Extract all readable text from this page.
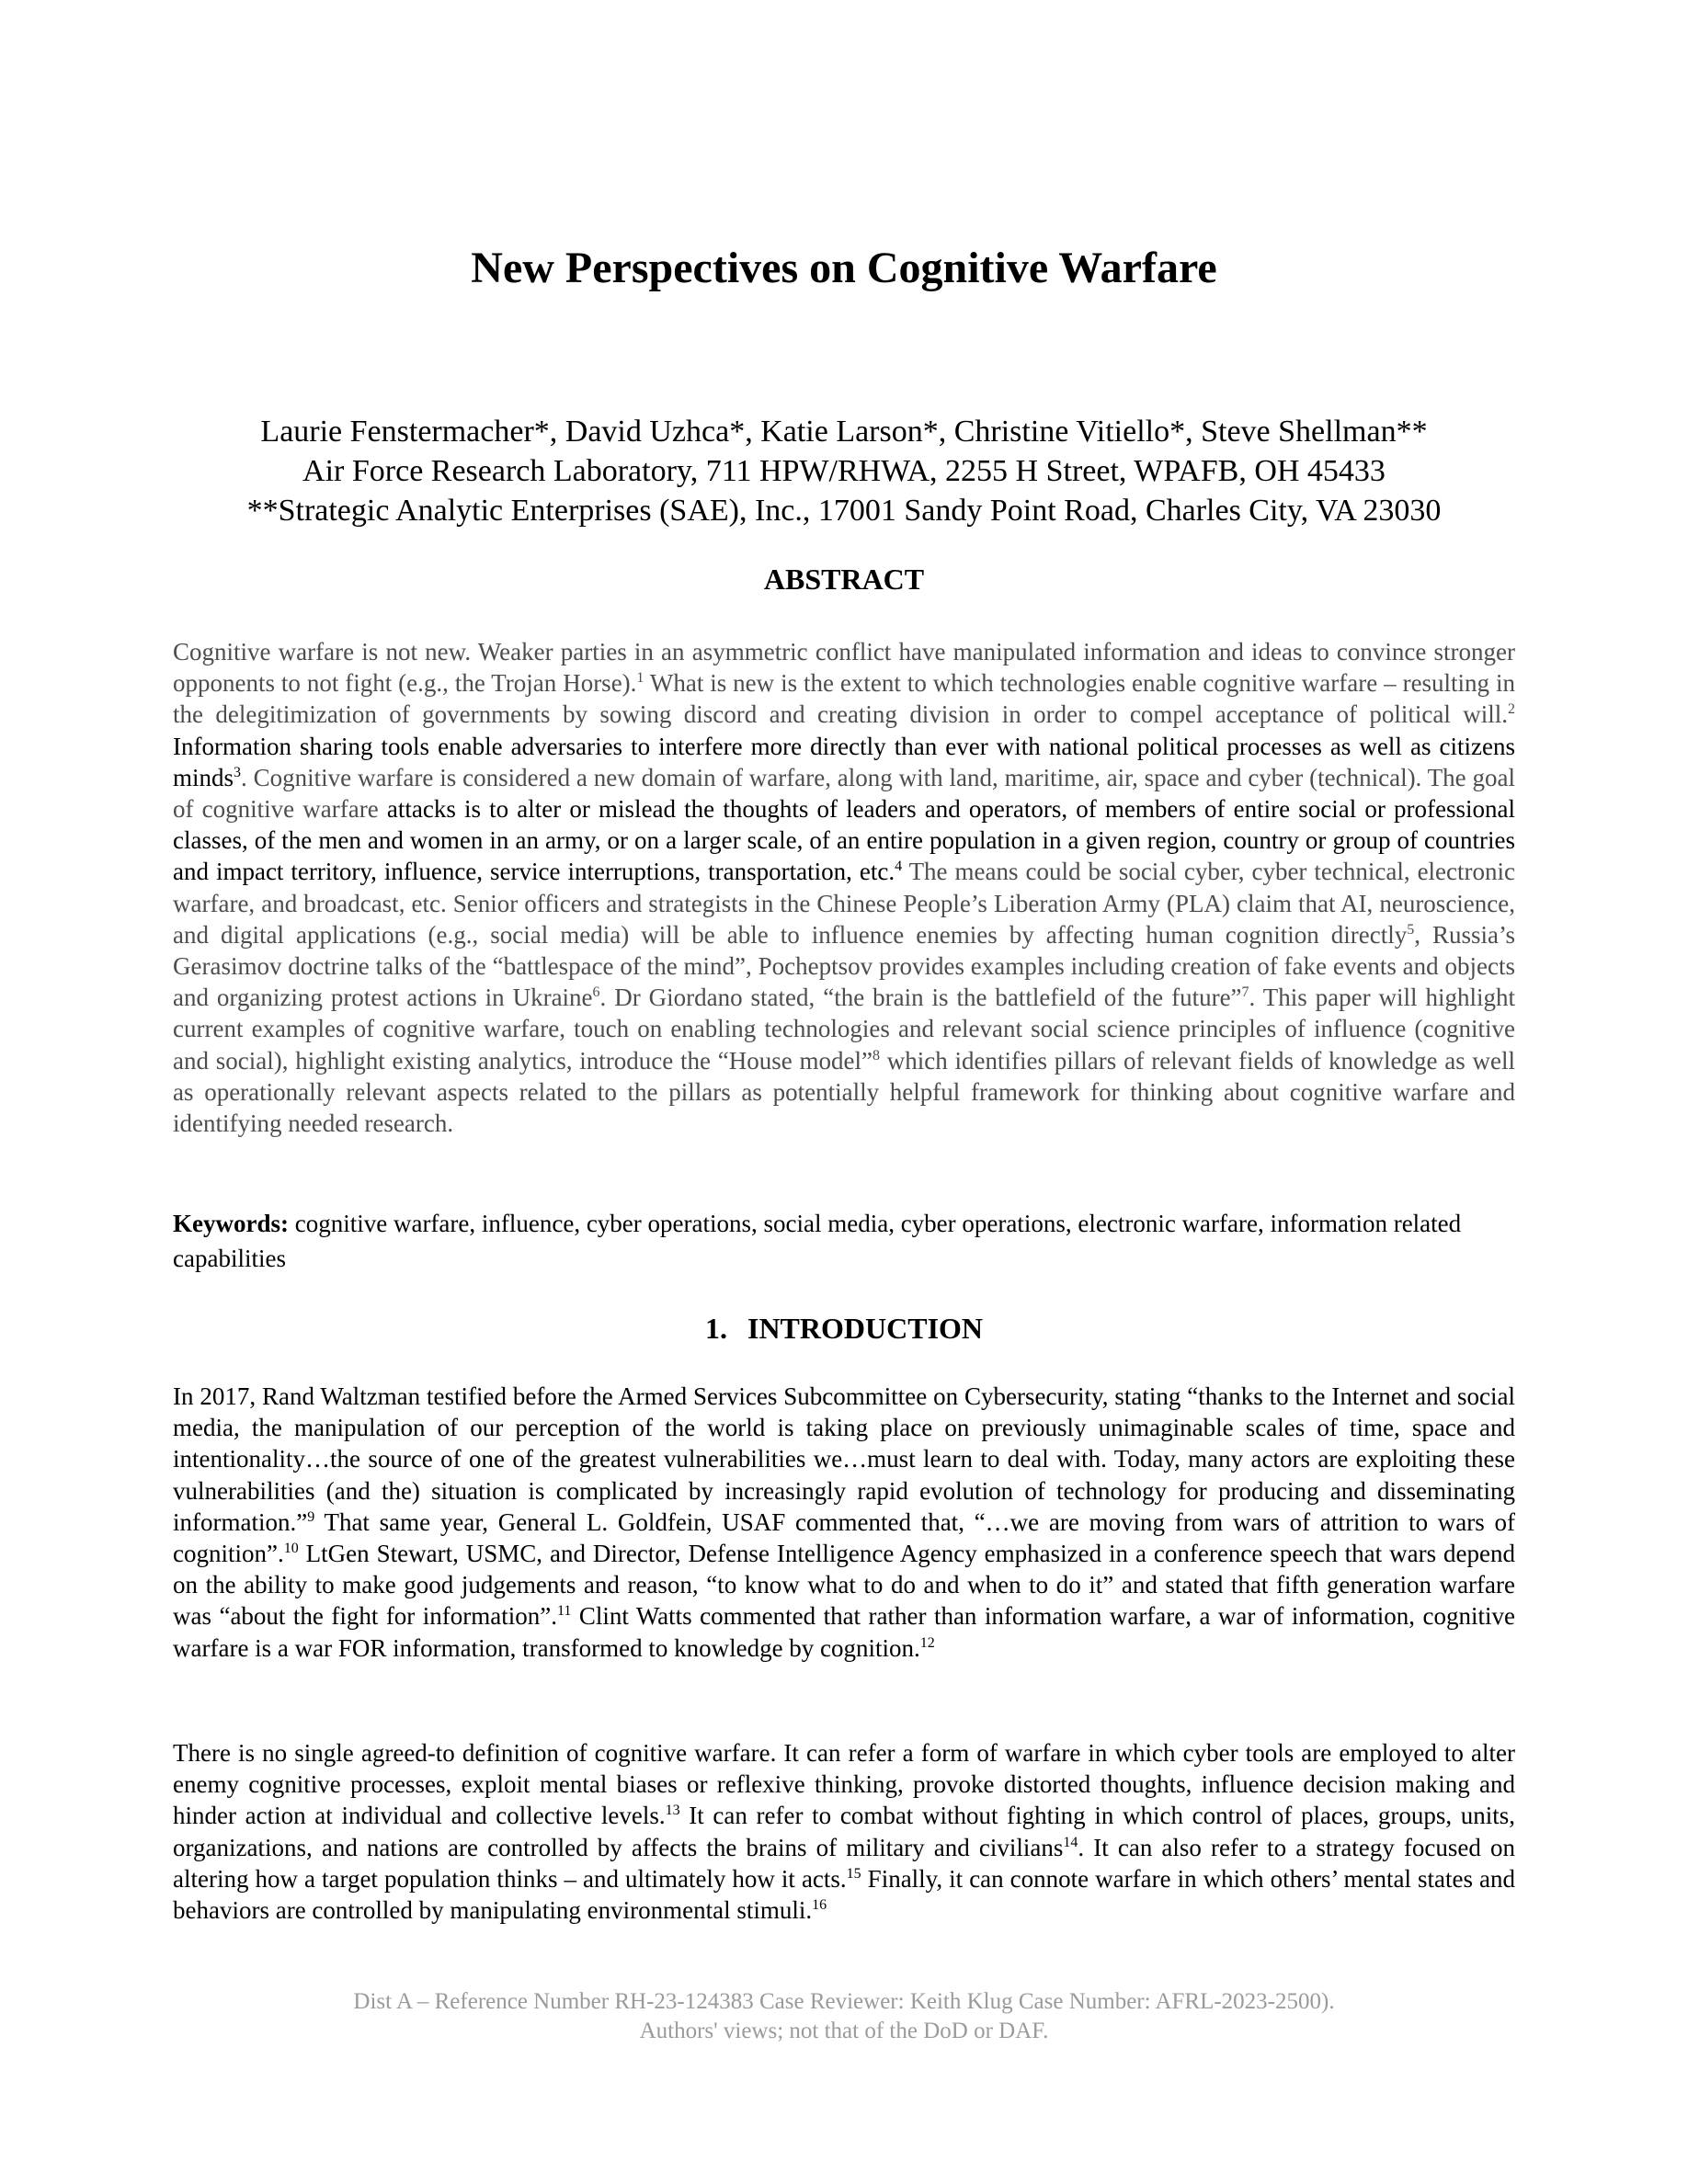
New Perspectives on Cognitive Warfare
Laurie Fenstermacher*, David Uzhca*, Katie Larson*, Christine Vitiello*, Steve Shellman**
Air Force Research Laboratory, 711 HPW/RHWA, 2255 H Street, WPAFB, OH 45433
**Strategic Analytic Enterprises (SAE), Inc., 17001 Sandy Point Road, Charles City, VA 23030
ABSTRACT

Cognitive warfare is not new. Weaker parties in an asymmetric conflict have manipulated information and ideas to convince stronger opponents to not fight (e.g., the Trojan Horse).$^1$ What is new is the extent to which technologies enable cognitive warfare – resulting in the delegitimization of governments by sowing discord and creating division in order to compel acceptance of political will.$^2$ Information sharing tools enable adversaries to interfere more directly than ever with national political processes as well as citizens minds$^3$. Cognitive warfare is considered a new domain of warfare, along with land, maritime, air, space and cyber (technical). The goal of cognitive warfare attacks is to alter or mislead the thoughts of leaders and operators, of members of entire social or professional classes, of the men and women in an army, or on a larger scale, of an entire population in a given region, country or group of countries and impact territory, influence, service interruptions, transportation, etc.$^4$ The means could be social cyber, cyber technical, electronic warfare, and broadcast, etc. Senior officers and strategists in the Chinese People’s Liberation Army (PLA) claim that AI, neuroscience, and digital applications (e.g., social media) will be able to influence enemies by affecting human cognition directly$^5$, Russia’s Gerasimov doctrine talks of the “battlespace of the mind”, Pocheptsov provides examples including creation of fake events and objects and organizing protest actions in Ukraine$^6$. Dr Giordano stated, “the brain is the battlefield of the future”$^7$. This paper will highlight current examples of cognitive warfare, touch on enabling technologies and relevant social science principles of influence (cognitive and social), highlight existing analytics, introduce the “House model”$^8$ which identifies pillars of relevant fields of knowledge as well as operationally relevant aspects related to the pillars as potentially helpful framework for thinking about cognitive warfare and identifying needed research.

Keywords: cognitive warfare, influence, cyber operations, social media, cyber operations, electronic warfare, information related capabilities

1. INTRODUCTION

In 2017, Rand Waltzman testified before the Armed Services Subcommittee on Cybersecurity, stating “thanks to the Internet and social media, the manipulation of our perception of the world is taking place on previously unimaginable scales of time, space and intentionality…the source of one of the greatest vulnerabilities we…must learn to deal with. Today, many actors are exploiting these vulnerabilities (and the) situation is complicated by increasingly rapid evolution of technology for producing and disseminating information.”$^9$ That same year, General L. Goldfein, USAF commented that, “…we are moving from wars of attrition to wars of cognition”.$^{10}$ LtGen Stewart, USMC, and Director, Defense Intelligence Agency emphasized in a conference speech that wars depend on the ability to make good judgements and reason, “to know what to do and when to do it” and stated that fifth generation warfare was “about the fight for information”.$^{11}$ Clint Watts commented that rather than information warfare, a war of information, cognitive warfare is a war FOR information, transformed to knowledge by cognition.$^{12}$

There is no single agreed-to definition of cognitive warfare. It can refer a form of warfare in which cyber tools are employed to alter enemy cognitive processes, exploit mental biases or reflexive thinking, provoke distorted thoughts, influence decision making and hinder action at individual and collective levels.$^{13}$ It can refer to combat without fighting in which control of places, groups, units, organizations, and nations are controlled by affects the brains of military and civilians$^{14}$. It can also refer to a strategy focused on altering how a target population thinks – and ultimately how it acts.$^{15}$ Finally, it can connote warfare in which others’ mental states and behaviors are controlled by manipulating environmental stimuli.$^{16}$

Dist A – Reference Number RH-23-124383 Case Reviewer: Keith Klug Case Number: AFRL-2023-2500).
Authors' views; not that of the DoD or DAF.
